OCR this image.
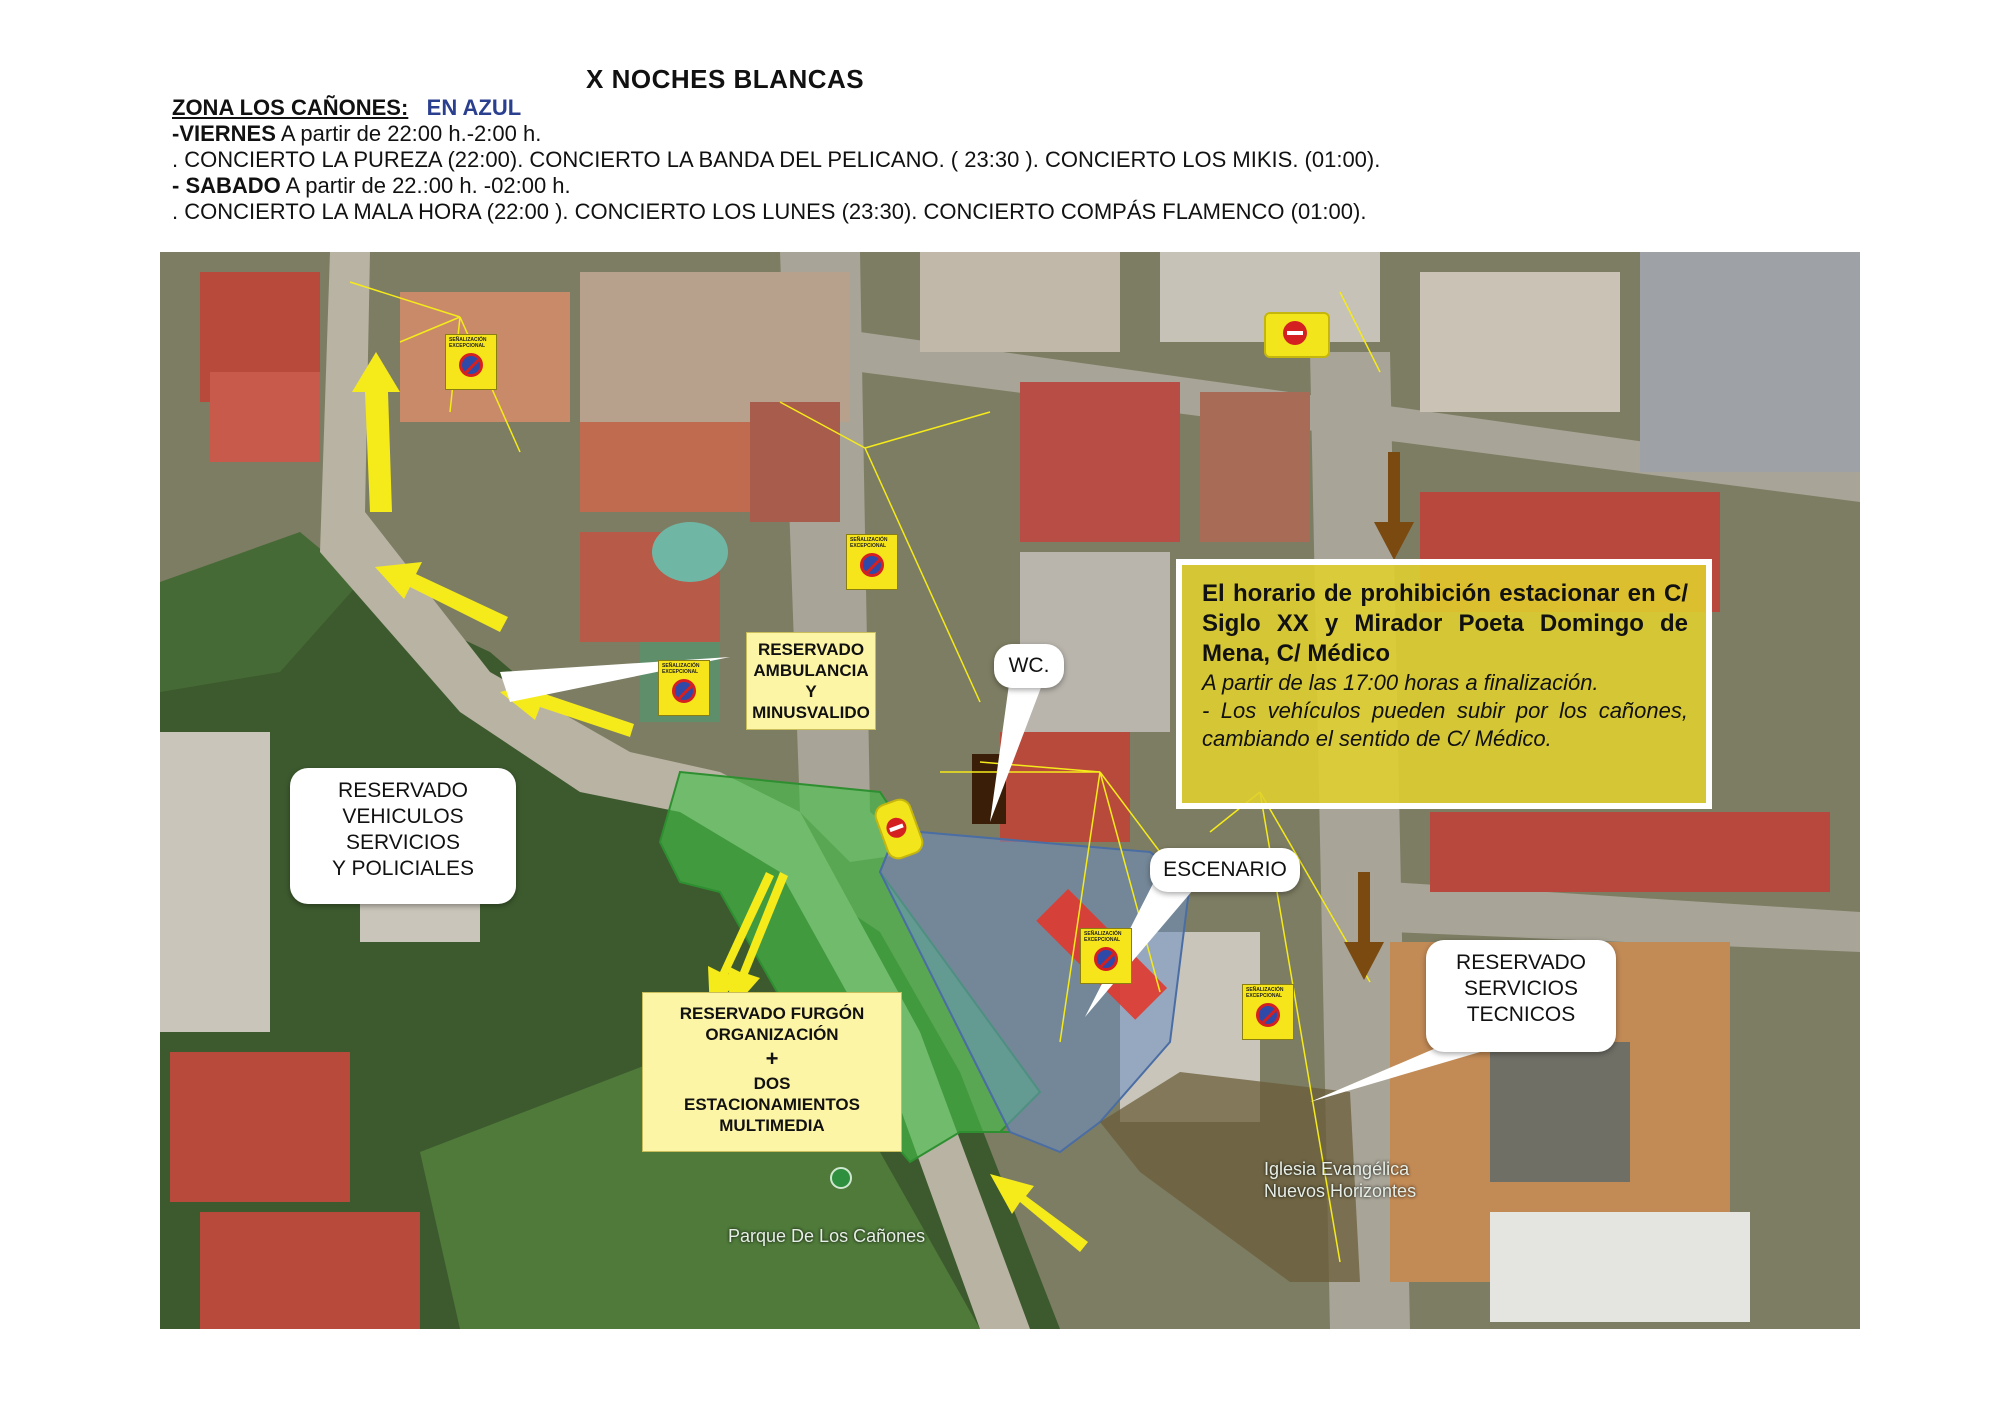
X NOCHES BLANCAS
ZONA LOS CAÑONES: EN AZUL
-VIERNES A partir de 22:00 h.-2:00 h.
. CONCIERTO LA PUREZA (22:00). CONCIERTO LA BANDA DEL PELICANO. ( 23:30 ). CONCIERTO LOS MIKIS. (01:00).
- SABADO A partir de 22.:00 h. -02:00 h.
. CONCIERTO LA MALA HORA (22:00 ). CONCIERTO LOS LUNES (23:30). CONCIERTO COMPÁS FLAMENCO (01:00).
SEÑALIZACIÓN
EXCEPCIONAL
SEÑALIZACIÓN
EXCEPCIONAL
SEÑALIZACIÓN
EXCEPCIONAL
SEÑALIZACIÓN
EXCEPCIONAL
SEÑALIZACIÓN
EXCEPCIONAL
RESERVADO
AMBULANCIA
Y
MINUSVALIDO
WC.
RESERVADO
VEHICULOS
SERVICIOS
Y POLICIALES	ESCENARIO
RESERVADO FURGÓN
ORGANIZACIÓN
+
DOS
ESTACIONAMIENTOS
MULTIMEDIA
RESERVADO
SERVICIOS
TECNICOS
Iglesia Evangélica
Nuevos Horizontes
Parque De Los Cañones
El horario de prohibición estacionar en C/ Siglo XX y Mirador Poeta Domingo de Mena, C/ Médico
A partir de las 17:00 horas a finalización.
- Los vehículos pueden subir por los cañones, cambiando el sentido de C/ Médico.
